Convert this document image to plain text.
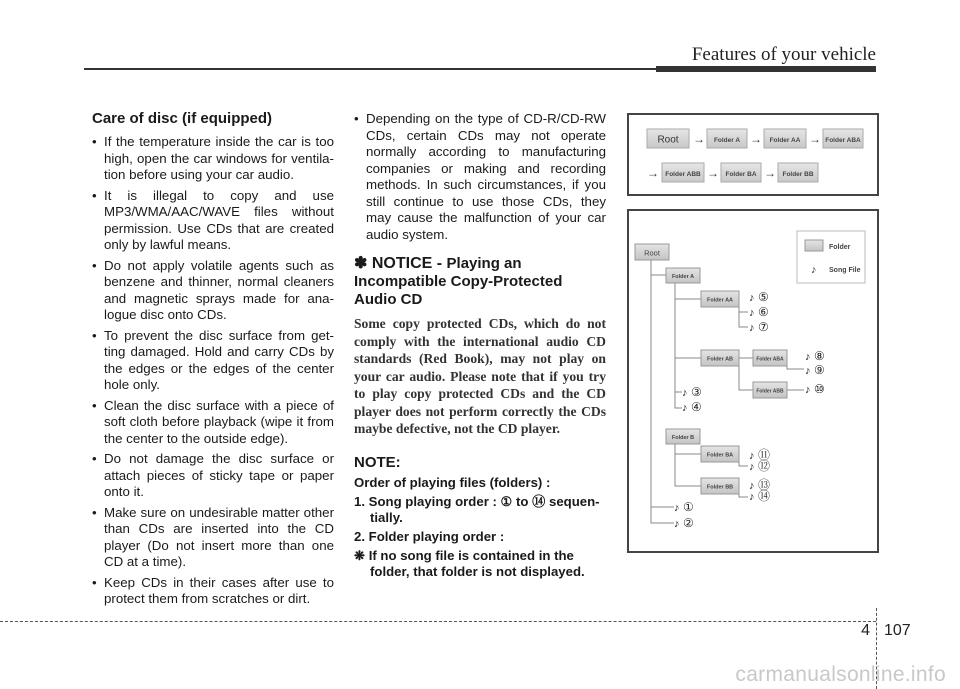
Features of your vehicle
Care of disc (if equipped)
• If the temperature inside the car is too high, open the car windows for ventila-tion before using your car audio.
• It is illegal to copy and use MP3/WMA/AAC/WAVE files without permission. Use CDs that are created only by lawful means.
• Do not apply volatile agents such as benzene and thinner, normal cleaners and magnetic sprays made for ana-logue disc onto CDs.
• To prevent the disc surface from get-ting damaged. Hold and carry CDs by the edges or the edges of the center hole only.
• Clean the disc surface with a piece of soft cloth before playback (wipe it from the center to the outside edge).
• Do not damage the disc surface or attach pieces of sticky tape or paper onto it.
• Make sure on undesirable matter other than CDs are inserted into the CD player (Do not insert more than one CD at a time).
• Keep CDs in their cases after use to protect them from scratches or dirt.
• Depending on the type of CD-R/CD-RW CDs, certain CDs may not operate normally according to manufacturing companies or making and recording methods. In such circumstances, if you still continue to use those CDs, they may cause the malfunction of your car audio system.
✽ NOTICE - Playing an Incompatible Copy-Protected Audio CD

Some copy protected CDs, which do not comply with the international audio CD standards (Red Book), may not play on your car audio. Please note that if you try to play copy protected CDs and the CD player does not perform correctly the CDs maybe defective, not the CD player.

NOTE:

Order of playing files (folders) :

1. Song playing order : ① to ⑭ sequen-tially.

2. Folder playing order :

❋ If no song file is contained in the folder, that folder is not displayed.

Root → Folder A → Folder AA → Folder ABA
→ Folder ABB → Folder BA → Folder BB
Folder
♪ Song File
Root
Folder A
Folder AA
Folder AB	Folder ABA
Folder ABB
Folder B
Folder BA
Folder BB
♪
♪
♪
♪
♪
♪
♪
♪
♪
♪
♪
♪
♪
♪
⑤
⑥
⑦
⑧
⑨
⑩
③
④
⑪
⑫
⑬
⑭
①
②
4 107
carmanualsonline.info
